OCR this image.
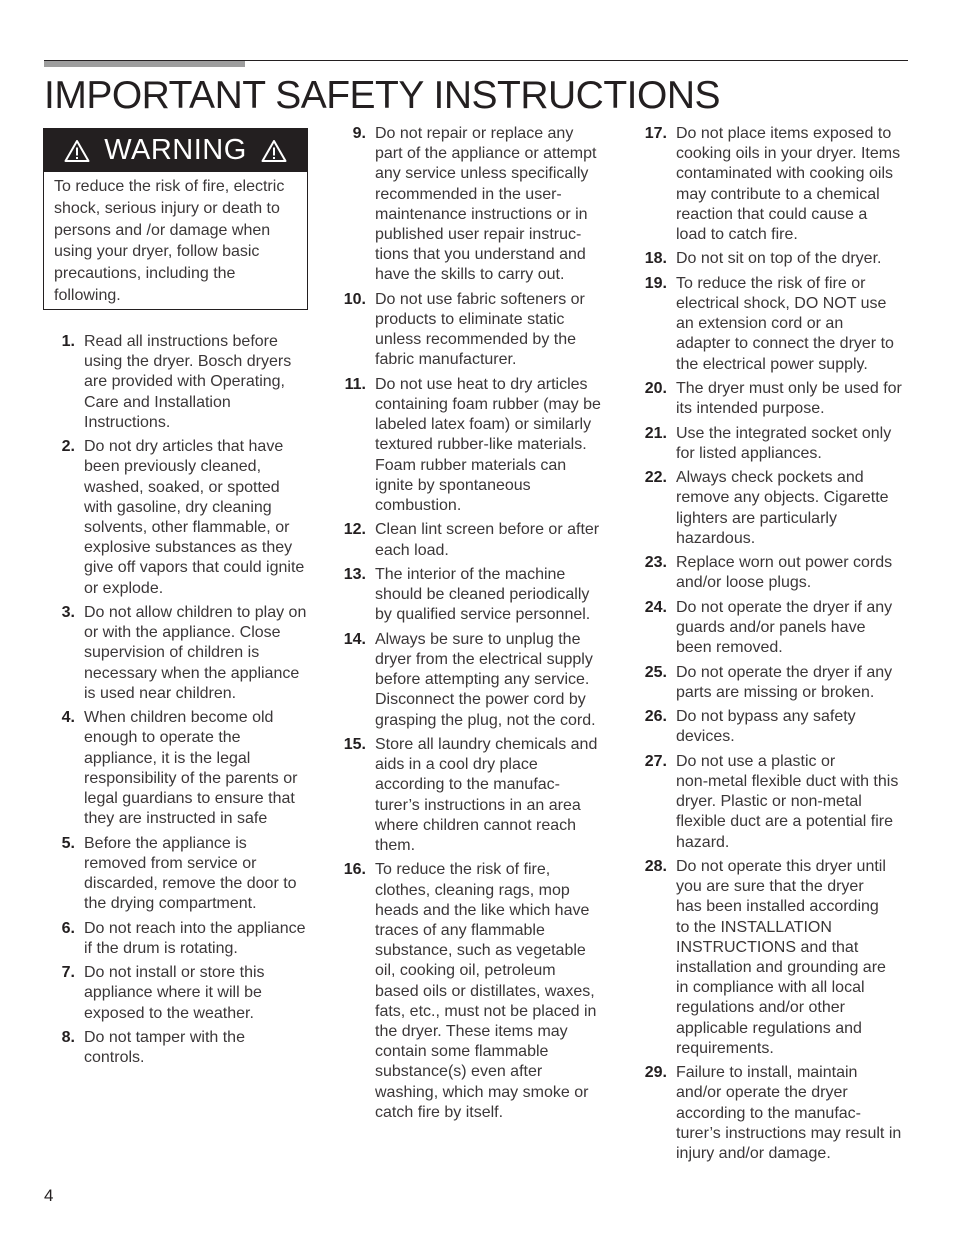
IMPORTANT SAFETY INSTRUCTIONS
WARNING
To reduce the risk of fire, electric shock, serious injury or death to persons and /or damage when using your dryer, follow basic precautions, including the following.
1. Read all instructions before
using the dryer. Bosch dryers
are provided with Operating,
Care and Installation
Instructions.
2. Do not dry articles that have
been previously cleaned,
washed, soaked, or spotted
with gasoline, dry cleaning
solvents, other flammable, or
explosive substances as they
give off vapors that could ignite
or explode.
3. Do not allow children to play on
or with the appliance. Close
supervision of children is
necessary when the appliance
is used near children.
4. When children become old
enough to operate the
appliance, it is the legal
responsibility of the parents or
legal guardians to ensure that
they are instructed in safe
5. Before the appliance is
removed from service or
discarded, remove the door to
the drying compartment.
6. Do not reach into the appliance
if the drum is rotating.
7. Do not install or store this
appliance where it will be
exposed to the weather.
8. Do not tamper with the
controls.
9. Do not repair or replace any
part of the appliance or attempt
any service unless specifically
recommended in the user-
maintenance instructions or in
published user repair instruc-
tions that you understand and
have the skills to carry out.
10. Do not use fabric softeners or
products to eliminate static
unless recommended by the
fabric manufacturer.
11. Do not use heat to dry articles
containing foam rubber (may be
labeled latex foam) or similarly
textured rubber-like materials.
Foam rubber materials can
ignite by spontaneous
combustion.
12. Clean lint screen before or after
each load.
13. The interior of the machine
should be cleaned periodically
by qualified service personnel.
14. Always be sure to unplug the
dryer from the electrical supply
before attempting any service.
Disconnect the power cord by
grasping the plug, not the cord.
15. Store all laundry chemicals and
aids in a cool dry place
according to the manufac-
turer’s instructions in an area
where children cannot reach
them.
16. To reduce the risk of fire,
clothes, cleaning rags, mop
heads and the like which have
traces of any flammable
substance, such as vegetable
oil, cooking oil, petroleum
based oils or distillates, waxes,
fats, etc., must not be placed in
the dryer. These items may
contain some flammable
substance(s) even after
washing, which may smoke or
catch fire by itself.
17. Do not place items exposed to
cooking oils in your dryer. Items
contaminated with cooking oils
may contribute to a chemical
reaction that could cause a
load to catch fire.
18. Do not sit on top of the dryer.
19. To reduce the risk of fire or
electrical shock, DO NOT use
an extension cord or an
adapter to connect the dryer to
the electrical power supply.
20. The dryer must only be used for
its intended purpose.
21. Use the integrated socket only
for listed appliances.
22. Always check pockets and
remove any objects. Cigarette
lighters are particularly
hazardous.
23. Replace worn out power cords
and/or loose plugs.
24. Do not operate the dryer if any
guards and/or panels have
been removed.
25. Do not operate the dryer if any
parts are missing or broken.
26. Do not bypass any safety
devices.
27. Do not use a plastic or
non-metal flexible duct with this
dryer. Plastic or non-metal
flexible duct are a potential fire
hazard.
28. Do not operate this dryer until
you are sure that the dryer
has been installed according
to the INSTALLATION
INSTRUCTIONS and that
installation and grounding are
in compliance with all local
regulations and/or other
applicable regulations and
requirements.
29. Failure to install, maintain
and/or operate the dryer
according to the manufac-
turer’s instructions may result in
injury and/or damage.
4
